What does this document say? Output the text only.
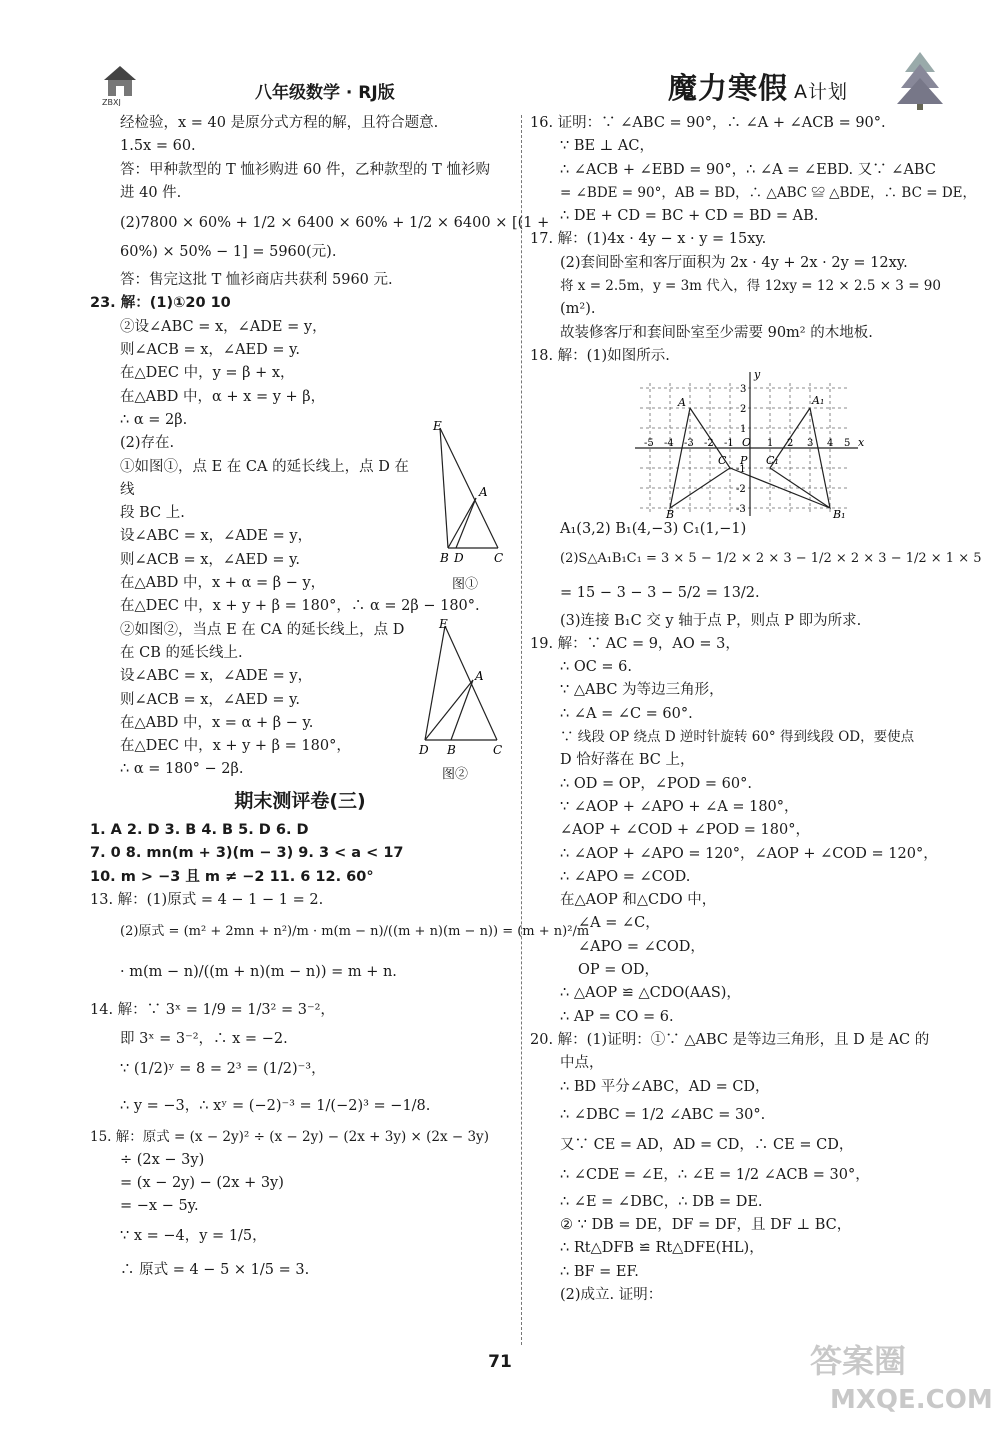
ZBXJ	八年级数学 · RJ版	魔力寒假 A计划
经检验，x = 40 是原分式方程的解，且符合题意.
1.5x = 60.
答：甲种款型的 T 恤衫购进 60 件，乙种款型的 T 恤衫购
进 40 件.
(2)7800 × 60% + 1/2 × 6400 × 60% + 1/2 × 6400 × [(1 +
60%) × 50% − 1] = 5960(元).
答：售完这批 T 恤衫商店共获利 5960 元.
23. 解：(1)①20 10
②设∠ABC = x，∠ADE = y，
则∠ACB = x，∠AED = y.
在△DEC 中，y = β + x，
在△ABD 中，α + x = y + β，
∴ α = 2β.
(2)存在.
①如图①，点 E 在 CA 的延长线上，点 D 在线
段 BC 上.
设∠ABC = x，∠ADE = y，
则∠ACB = x，∠AED = y.
在△ABD 中，x + α = β − y，
在△DEC 中，x + y + β = 180°，∴ α = 2β − 180°.
②如图②，当点 E 在 CA 的延长线上，点 D
在 CB 的延长线上.
设∠ABC = x，∠ADE = y，
则∠ACB = x，∠AED = y.
在△ABD 中，x = α + β − y.
在△DEC 中，x + y + β = 180°，
∴ α = 180° − 2β.
期末测评卷(三)
1. A 2. D 3. B 4. B 5. D 6. D
7. 0 8. mn(m + 3)(m − 3) 9. 3 < a < 17
10. m > −3 且 m ≠ −2 11. 6 12. 60°
13. 解：(1)原式 = 4 − 1 − 1 = 2.
(2)原式 = (m² + 2mn + n²)/m · m(m − n)/((m + n)(m − n)) = (m + n)²/m
· m(m − n)/((m + n)(m − n)) = m + n.
14. 解：∵ 3ˣ = 1/9 = 1/3² = 3⁻²，
即 3ˣ = 3⁻²，∴ x = −2.
∵ (1/2)ʸ = 8 = 2³ = (1/2)⁻³，
∴ y = −3，∴ xʸ = (−2)⁻³ = 1/(−2)³ = −1/8.
15. 解：原式 = (x − 2y)² ÷ (x − 2y) − (2x + 3y) × (2x − 3y)
÷ (2x − 3y)
= (x − 2y) − (2x + 3y)
= −x − 5y.
∵ x = −4，y = 1/5，
∴ 原式 = 4 − 5 × 1/5 = 3.
E
A
B D	C
图①
E
A
D B	C
图②
16. 证明：∵ ∠ABC = 90°，∴ ∠A + ∠ACB = 90°.
∵ BE ⊥ AC，
∴ ∠ACB + ∠EBD = 90°，∴ ∠A = ∠EBD. 又∵ ∠ABC
= ∠BDE = 90°，AB = BD，∴ △ABC ≌ △BDE，∴ BC = DE，
∴ DE + CD = BC + CD = BD = AB.
17. 解：(1)4x · 4y − x · y = 15xy.
(2)套间卧室和客厅面积为 2x · 4y + 2x · 2y = 12xy.
将 x = 2.5m，y = 3m 代入，得 12xy = 12 × 2.5 × 3 = 90
(m²).
故装修客厅和套间卧室至少需要 90m² 的木地板.
18. 解：(1)如图所示.
x
y
O
-5 -4 -3 -2 -1	1 2 3 4 5
3
2
1
-1
-2
-3
A	A₁
B	B₁
C	C₁
P
A₁(3,2) B₁(4,−3) C₁(1,−1)
(2)S△A₁B₁C₁ = 3 × 5 − 1/2 × 2 × 3 − 1/2 × 2 × 3 − 1/2 × 1 × 5
= 15 − 3 − 3 − 5/2 = 13/2.
(3)连接 B₁C 交 y 轴于点 P，则点 P 即为所求.
19. 解：∵ AC = 9，AO = 3，
∴ OC = 6.
∵ △ABC 为等边三角形，
∴ ∠A = ∠C = 60°.
∵ 线段 OP 绕点 D 逆时针旋转 60° 得到线段 OD，要使点
D 恰好落在 BC 上，
∴ OD = OP，∠POD = 60°.
∵ ∠AOP + ∠APO + ∠A = 180°，
∠AOP + ∠COD + ∠POD = 180°，
∴ ∠AOP + ∠APO = 120°，∠AOP + ∠COD = 120°，
∴ ∠APO = ∠COD.
在△AOP 和△CDO 中，
∠A = ∠C，
∠APO = ∠COD，
OP = OD，
∴ △AOP ≌ △CDO(AAS)，
∴ AP = CO = 6.
20. 解：(1)证明：①∵ △ABC 是等边三角形，且 D 是 AC 的
中点，
∴ BD 平分∠ABC，AD = CD，
∴ ∠DBC = 1/2 ∠ABC = 30°.
又∵ CE = AD，AD = CD，∴ CE = CD，
∴ ∠CDE = ∠E，∴ ∠E = 1/2 ∠ACB = 30°，
∴ ∠E = ∠DBC，∴ DB = DE.
② ∵ DB = DE，DF = DF，且 DF ⊥ BC，
∴ Rt△DFB ≌ Rt△DFE(HL)，
∴ BF = EF.
(2)成立. 证明：
71	答案圈
MXQE.COM
